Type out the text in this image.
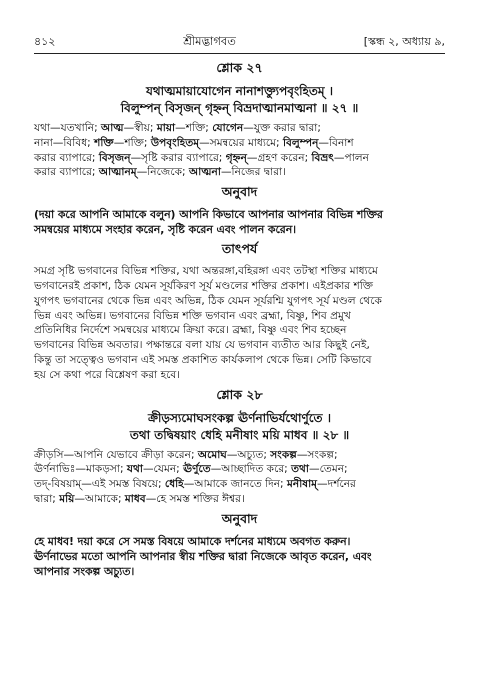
৪১২	শ্রীমদ্ভাগবত	[স্কন্ধ ২, অধ্যায় ৯,
শ্লোক ২৭
যথাত্মমায়াযোগেন নানাশক্ত্যুপবৃংহিতম্ ।
বিলুম্পন্ বিসৃজন্ গৃহ্নন্ বিভ্রদাত্মানমাত্মনা ॥ ২৭ ॥
যথা—যতখানি; আত্ম—স্বীয়; মায়া—শক্তি; যোগেন—যুক্ত করার দ্বারা;
নানা—বিবিধ; শক্তি—শক্তি; উপবৃংহিতম্—সমন্বয়ের মাধ্যমে; বিলুম্পন্—বিনাশ
করার ব্যাপারে; বিসৃজন্—সৃষ্টি করার ব্যাপারে; গৃহ্নন্—গ্রহণ করেন; বিভ্রৎ—পালন
করার ব্যাপারে; আত্মানম্—নিজেকে; আত্মনা—নিজের দ্বারা।
অনুবাদ
(দয়া করে আপনি আমাকে বলুন) আপনি কিভাবে আপনার আপনার বিভিন্ন শক্তির
সমন্বয়ের মাধ্যমে সংহার করেন, সৃষ্টি করেন এবং পালন করেন।
তাৎপর্য
সমগ্র সৃষ্টি ভগবানের বিভিন্ন শক্তির, যথা অন্তরঙ্গা,বহিরঙ্গা এবং তটস্থা শক্তির মাধ্যমে
ভগবানেরই প্রকাশ, ঠিক যেমন সূর্যকিরণ সূর্য মণ্ডলের শক্তির প্রকাশ। এইপ্রকার শক্তি
যুগপৎ ভগবানের থেকে ভিন্ন এবং অভিন্ন, ঠিক যেমন সূর্যরশ্মি যুগপৎ সূর্য মণ্ডল থেকে
ভিন্ন এবং অভিন্ন। ভগবানের বিভিন্ন শক্তি ভগবান এবং ব্রহ্মা, বিষ্ণু, শিব প্রমুখ
প্রতিনিধির নির্দেশে সমন্বয়ের মাধ্যমে ক্রিয়া করে। ব্রহ্মা, বিষ্ণু এবং শিব হচ্ছেন
ভগবানের বিভিন্ন অবতার। পক্ষান্তরে বলা যায় যে ভগবান ব্যতীত আর কিছুই নেই,
কিন্তু তা সত্ত্বেও ভগবান এই সমস্ত প্রকাশিত কার্যকলাপ থেকে ভিন্ন। সেটি কিভাবে
হয় সে কথা পরে বিশ্লেষণ করা হবে।
শ্লোক ২৮
ক্রীড়স্যমোঘসংকল্প ঊর্ণনাভির্যথোর্ণুতে ।
তথা তদ্বিষয়াং ধেহি মনীষাং ময়ি মাধব ॥ ২৮ ॥
ক্রীড়সি—আপনি যেভাবে ক্রীড়া করেন; অমোঘ—অচ্যুত; সংকল্প—সংকল্প;
ঊর্ণনাভিঃ—মাকড়সা; যথা—যেমন; ঊর্ণুতে—আচ্ছাদিত করে; তথা—তেমন;
তদ্-বিষয়াম্—এই সমস্ত বিষয়ে; ধেহি—আমাকে জানতে দিন; মনীষাম্—দর্শনের
দ্বারা; ময়ি—আমাকে; মাধব—হে সমস্ত শক্তির ঈশ্বর।
অনুবাদ
হে মাধব! দয়া করে সে সমস্ত বিষয়ে আমাকে দর্শনের মাধ্যমে অবগত করুন।
ঊর্ণনাভের মতো আপনি আপনার স্বীয় শক্তির দ্বারা নিজেকে আবৃত করেন, এবং
আপনার সংকল্প অচ্যুত।
